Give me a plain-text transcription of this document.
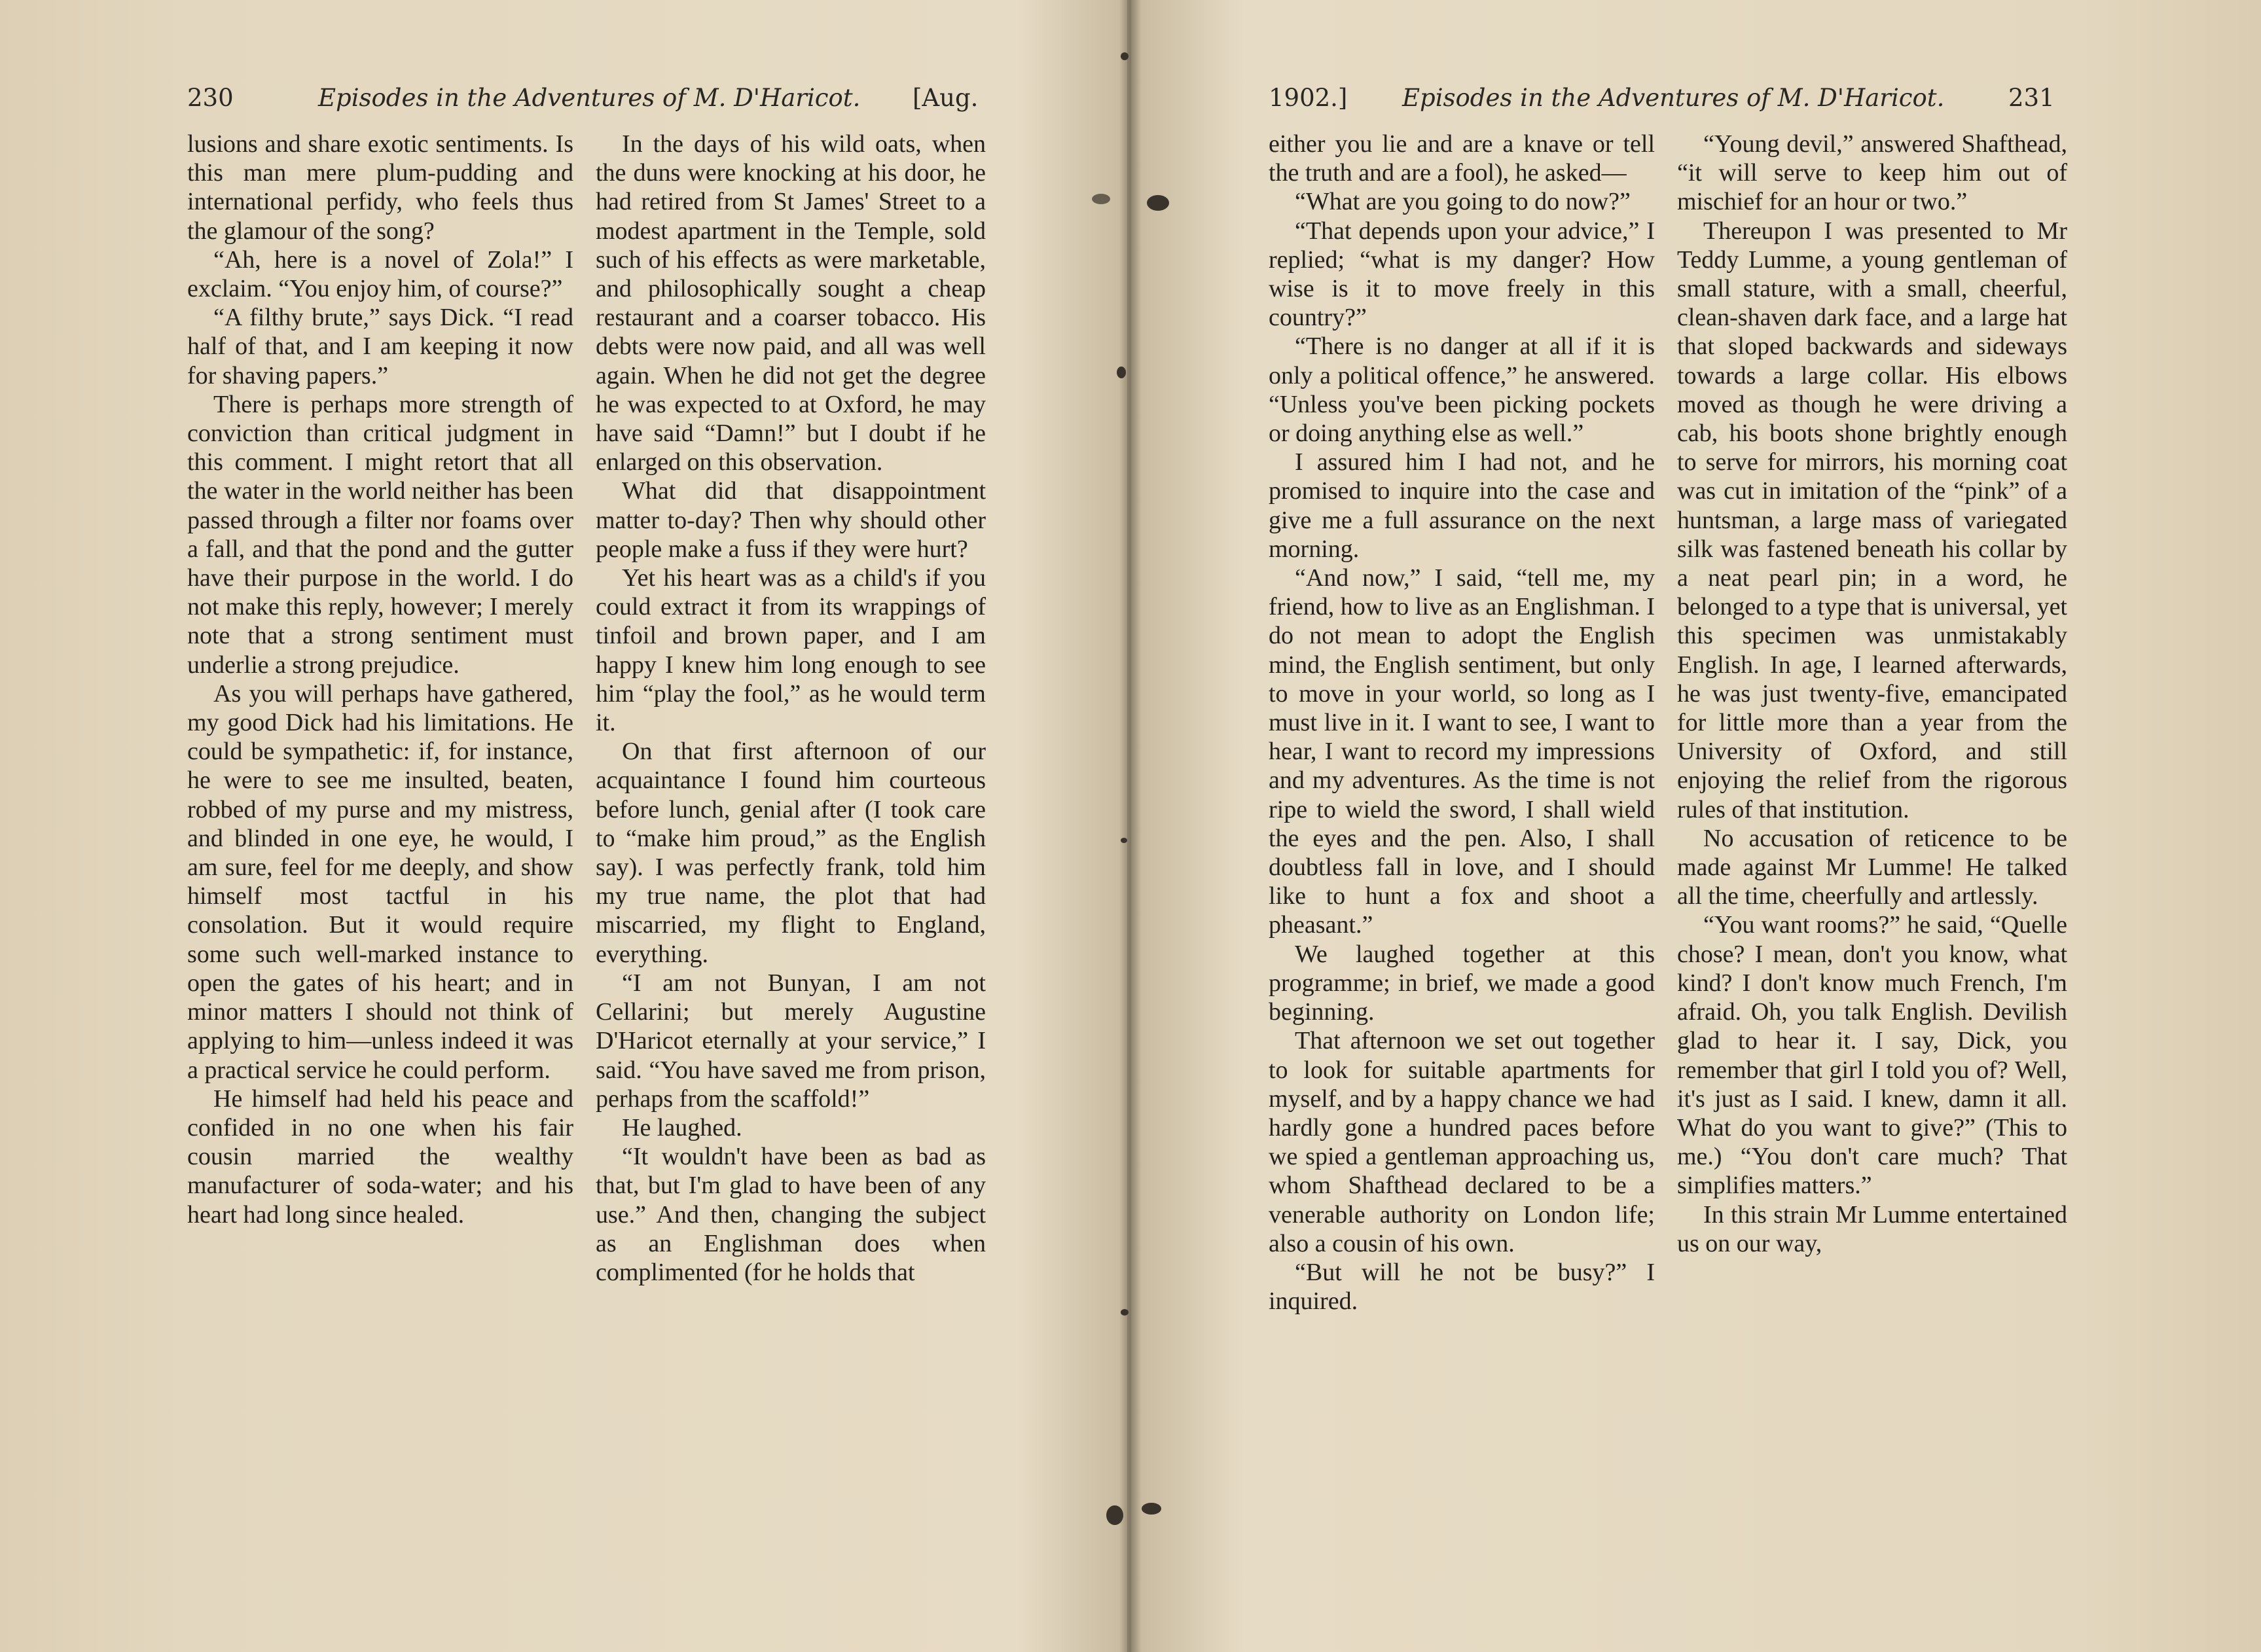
230	Episodes in the Adventures of M. D'Haricot. [Aug.

lusions and share exotic sentiments. Is this man mere plum-pudding and international perfidy, who feels thus the glamour of the song?

“Ah, here is a novel of Zola!” I exclaim. “You enjoy him, of course?”

“A filthy brute,” says Dick. “I read half of that, and I am keeping it now for shaving papers.”

There is perhaps more strength of conviction than critical judgment in this comment. I might retort that all the water in the world neither has been passed through a filter nor foams over a fall, and that the pond and the gutter have their purpose in the world. I do not make this reply, however; I merely note that a strong sentiment must underlie a strong prejudice.

As you will perhaps have gathered, my good Dick had his limitations. He could be sympathetic: if, for instance, he were to see me insulted, beaten, robbed of my purse and my mistress, and blinded in one eye, he would, I am sure, feel for me deeply, and show himself most tactful in his consolation. But it would require some such well-marked instance to open the gates of his heart; and in minor matters I should not think of applying to him—unless indeed it was a practical service he could perform.

He himself had held his peace and confided in no one when his fair cousin married the wealthy manufacturer of soda-water; and his heart had long since healed.

In the days of his wild oats, when the duns were knocking at his door, he had retired from St James' Street to a modest apartment in the Temple, sold such of his effects as were marketable, and philosophically sought a cheap restaurant and a coarser tobacco. His debts were now paid, and all was well again. When he did not get the degree he was expected to at Oxford, he may have said “Damn!” but I doubt if he enlarged on this observation.

What did that disappointment matter to-day? Then why should other people make a fuss if they were hurt?

Yet his heart was as a child's if you could extract it from its wrappings of tinfoil and brown paper, and I am happy I knew him long enough to see him “play the fool,” as he would term it.

On that first afternoon of our acquaintance I found him courteous before lunch, genial after (I took care to “make him proud,” as the English say). I was perfectly frank, told him my true name, the plot that had miscarried, my flight to England, everything.

“I am not Bunyan, I am not Cellarini; but merely Augustine D'Haricot eternally at your service,” I said. “You have saved me from prison, perhaps from the scaffold!”

He laughed.

“It wouldn't have been as bad as that, but I'm glad to have been of any use.” And then, changing the subject as an Englishman does when complimented (for he holds that

1902.] Episodes in the Adventures of M. D'Haricot.	231

either you lie and are a knave or tell the truth and are a fool), he asked—

“What are you going to do now?”

“That depends upon your advice,” I replied; “what is my danger? How wise is it to move freely in this country?”

“There is no danger at all if it is only a political offence,” he answered. “Unless you've been picking pockets or doing anything else as well.”

I assured him I had not, and he promised to inquire into the case and give me a full assurance on the next morning.

“And now,” I said, “tell me, my friend, how to live as an Englishman. I do not mean to adopt the English mind, the English sentiment, but only to move in your world, so long as I must live in it. I want to see, I want to hear, I want to record my impressions and my adventures. As the time is not ripe to wield the sword, I shall wield the eyes and the pen. Also, I shall doubtless fall in love, and I should like to hunt a fox and shoot a pheasant.”

We laughed together at this programme; in brief, we made a good beginning.

That afternoon we set out together to look for suitable apartments for myself, and by a happy chance we had hardly gone a hundred paces before we spied a gentleman approaching us, whom Shafthead declared to be a venerable authority on London life; also a cousin of his own.

“But will he not be busy?” I inquired.

“Young devil,” answered Shafthead, “it will serve to keep him out of mischief for an hour or two.”

Thereupon I was presented to Mr Teddy Lumme, a young gentleman of small stature, with a small, cheerful, clean-shaven dark face, and a large hat that sloped backwards and sideways towards a large collar. His elbows moved as though he were driving a cab, his boots shone brightly enough to serve for mirrors, his morning coat was cut in imitation of the “pink” of a huntsman, a large mass of variegated silk was fastened beneath his collar by a neat pearl pin; in a word, he belonged to a type that is universal, yet this specimen was unmistakably English. In age, I learned afterwards, he was just twenty-five, emancipated for little more than a year from the University of Oxford, and still enjoying the relief from the rigorous rules of that institution.

No accusation of reticence to be made against Mr Lumme! He talked all the time, cheerfully and artlessly.

“You want rooms?” he said, “Quelle chose? I mean, don't you know, what kind? I don't know much French, I'm afraid. Oh, you talk English. Devilish glad to hear it. I say, Dick, you remember that girl I told you of? Well, it's just as I said. I knew, damn it all. What do you want to give?” (This to me.) “You don't care much? That simplifies matters.”

In this strain Mr Lumme entertained us on our way,
